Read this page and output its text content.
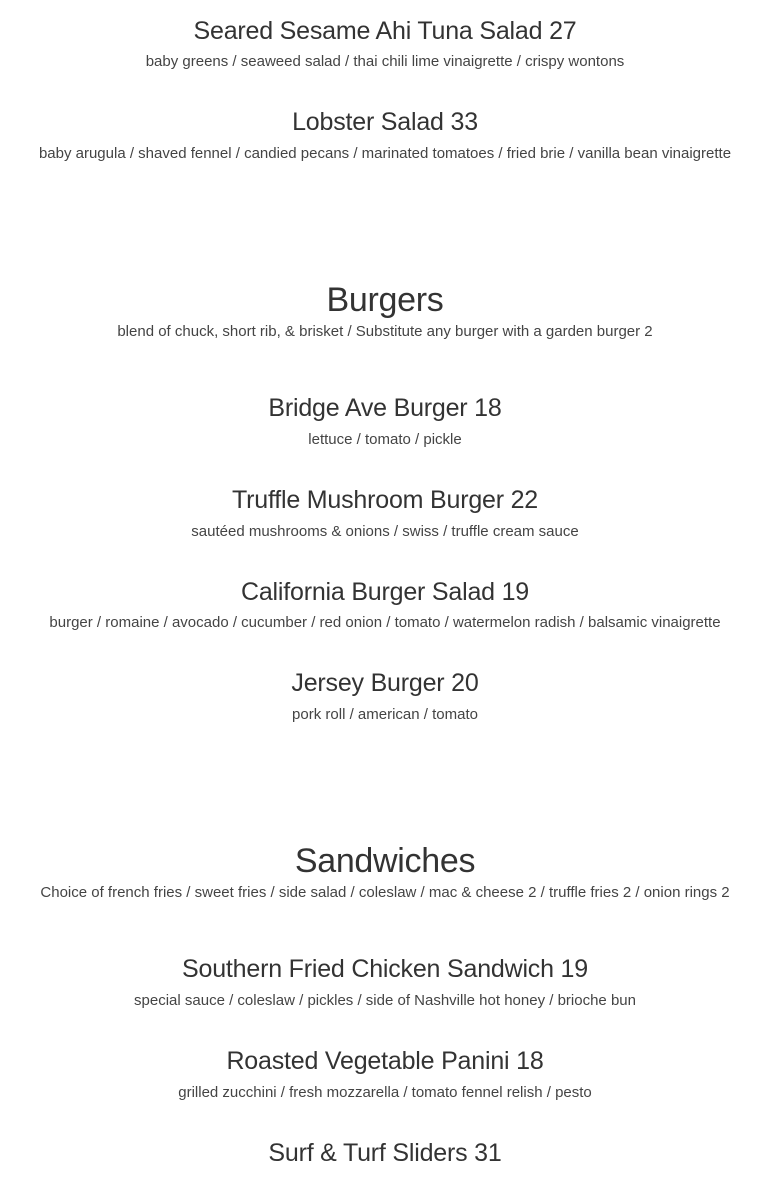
Seared Sesame Ahi Tuna Salad 27
baby greens / seaweed salad / thai chili lime vinaigrette / crispy wontons
Lobster Salad 33
baby arugula / shaved fennel / candied pecans / marinated tomatoes / fried brie / vanilla bean vinaigrette
Burgers
blend of chuck, short rib, & brisket / Substitute any burger with a garden burger 2
Bridge Ave Burger 18
lettuce / tomato / pickle
Truffle Mushroom Burger 22
sautéed mushrooms & onions / swiss / truffle cream sauce
California Burger Salad 19
burger / romaine / avocado / cucumber / red onion / tomato / watermelon radish / balsamic vinaigrette
Jersey Burger 20
pork roll / american / tomato
Sandwiches
Choice of french fries / sweet fries / side salad / coleslaw / mac & cheese 2 / truffle fries 2 / onion rings 2
Southern Fried Chicken Sandwich 19
special sauce / coleslaw / pickles / side of Nashville hot honey / brioche bun
Roasted Vegetable Panini 18
grilled zucchini / fresh mozzarella / tomato fennel relish / pesto
Surf & Turf Sliders 31
